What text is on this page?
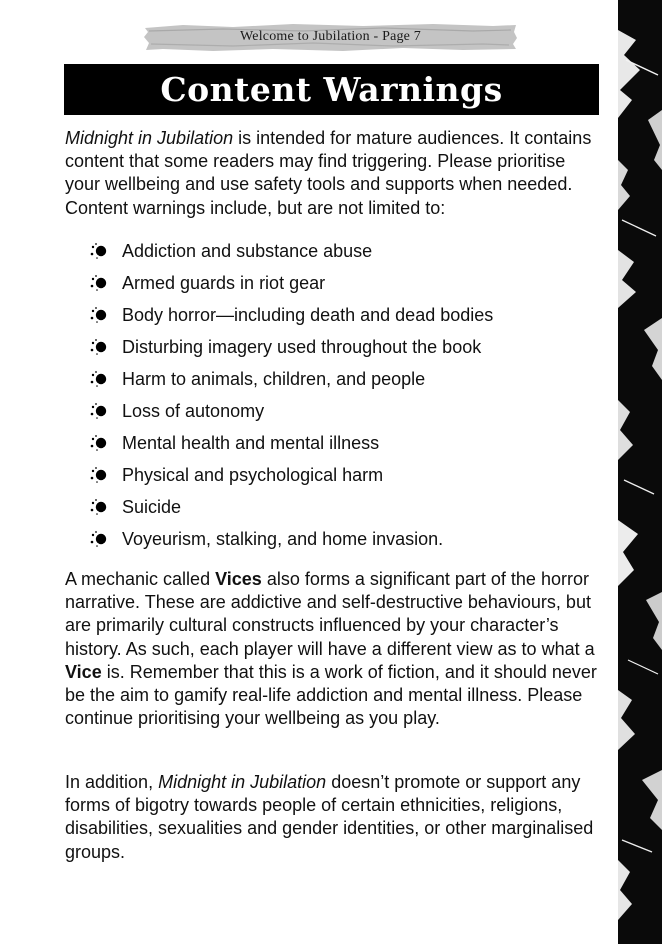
Welcome to Jubilation - Page 7
Content Warnings

Midnight in Jubilation is intended for mature audiences. It contains content that some readers may find triggering. Please prioritise your wellbeing and use safety tools and supports when needed. Content warnings include, but are not limited to:

Addiction and substance abuse
Armed guards in riot gear
Body horror—including death and dead bodies
Disturbing imagery used throughout the book
Harm to animals, children, and people
Loss of autonomy
Mental health and mental illness
Physical and psychological harm
Suicide
Voyeurism, stalking, and home invasion.

A mechanic called Vices also forms a significant part of the horror narrative. These are addictive and self-destructive behaviours, but are primarily cultural constructs influenced by your character’s history. As such, each player will have a different view as to what a Vice is. Remember that this is a work of fiction, and it should never be the aim to gamify real-life addiction and mental illness. Please continue prioritising your wellbeing as you play.

In addition, Midnight in Jubilation doesn’t promote or support any forms of bigotry towards people of certain ethnicities, religions, disabilities, sexualities and gender identities, or other marginalised groups.
